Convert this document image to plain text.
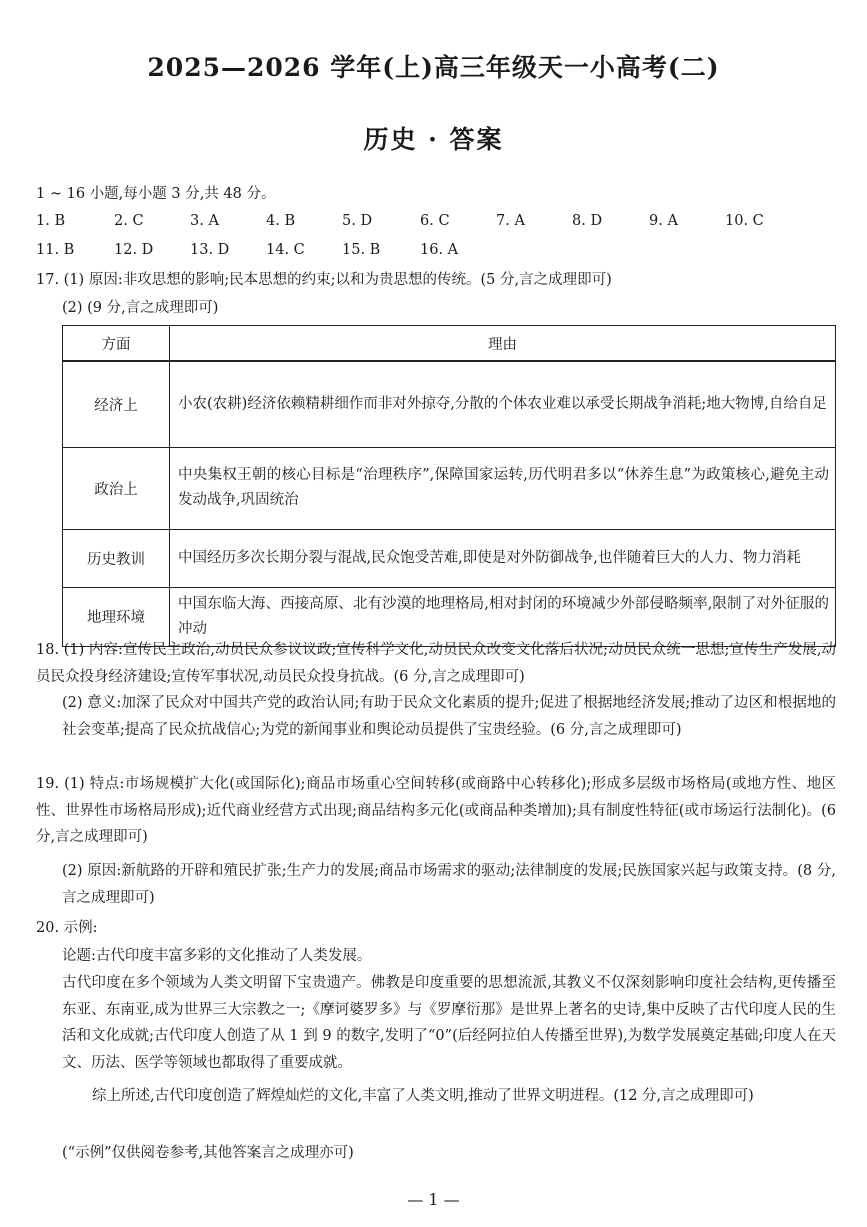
2025—2026 学年(上)高三年级天一小高考(二)
历史 · 答案
1 ~ 16 小题,每小题 3 分,共 48 分。
1. B	2. C	3. A	4. B	5. D	6. C	7. A	8. D	9. A	10. C
11. B	12. D	13. D	14. C	15. B	16. A
17. (1) 原因:非攻思想的影响;民本思想的约束;以和为贵思想的传统。(5 分,言之成理即可)
(2) (9 分,言之成理即可)
方面	理由
经济上	小农(农耕)经济依赖精耕细作而非对外掠夺,分散的个体农业难以承受长期战争消耗;地大物博,自给自足
政治上	中央集权王朝的核心目标是“治理秩序”,保障国家运转,历代明君多以“休养生息”为政策核心,避免主动发动战争,巩固统治
历史教训	中国经历多次长期分裂与混战,民众饱受苦难,即使是对外防御战争,也伴随着巨大的人力、物力消耗
地理环境	中国东临大海、西接高原、北有沙漠的地理格局,相对封闭的环境减少外部侵略频率,限制了对外征服的冲动
18. (1) 内容:宣传民主政治,动员民众参议议政;宣传科学文化,动员民众改变文化落后状况;动员民众统一思想;宣传生产发展,动员民众投身经济建设;宣传军事状况,动员民众投身抗战。(6 分,言之成理即可)
(2) 意义:加深了民众对中国共产党的政治认同;有助于民众文化素质的提升;促进了根据地经济发展;推动了边区和根据地的社会变革;提高了民众抗战信心;为党的新闻事业和舆论动员提供了宝贵经验。(6 分,言之成理即可)
19. (1) 特点:市场规模扩大化(或国际化);商品市场重心空间转移(或商路中心转移化);形成多层级市场格局(或地方性、地区性、世界性市场格局形成);近代商业经营方式出现;商品结构多元化(或商品种类增加);具有制度性特征(或市场运行法制化)。(6 分,言之成理即可)
(2) 原因:新航路的开辟和殖民扩张;生产力的发展;商品市场需求的驱动;法律制度的发展;民族国家兴起与政策支持。(8 分,言之成理即可)
20. 示例:
论题:古代印度丰富多彩的文化推动了人类发展。
古代印度在多个领域为人类文明留下宝贵遗产。佛教是印度重要的思想流派,其教义不仅深刻影响印度社会结构,更传播至东亚、东南亚,成为世界三大宗教之一;《摩诃婆罗多》与《罗摩衍那》是世界上著名的史诗,集中反映了古代印度人民的生活和文化成就;古代印度人创造了从 1 到 9 的数字,发明了“0”(后经阿拉伯人传播至世界),为数学发展奠定基础;印度人在天文、历法、医学等领域也都取得了重要成就。
综上所述,古代印度创造了辉煌灿烂的文化,丰富了人类文明,推动了世界文明进程。(12 分,言之成理即可)
(“示例”仅供阅卷参考,其他答案言之成理亦可)
— 1 —
